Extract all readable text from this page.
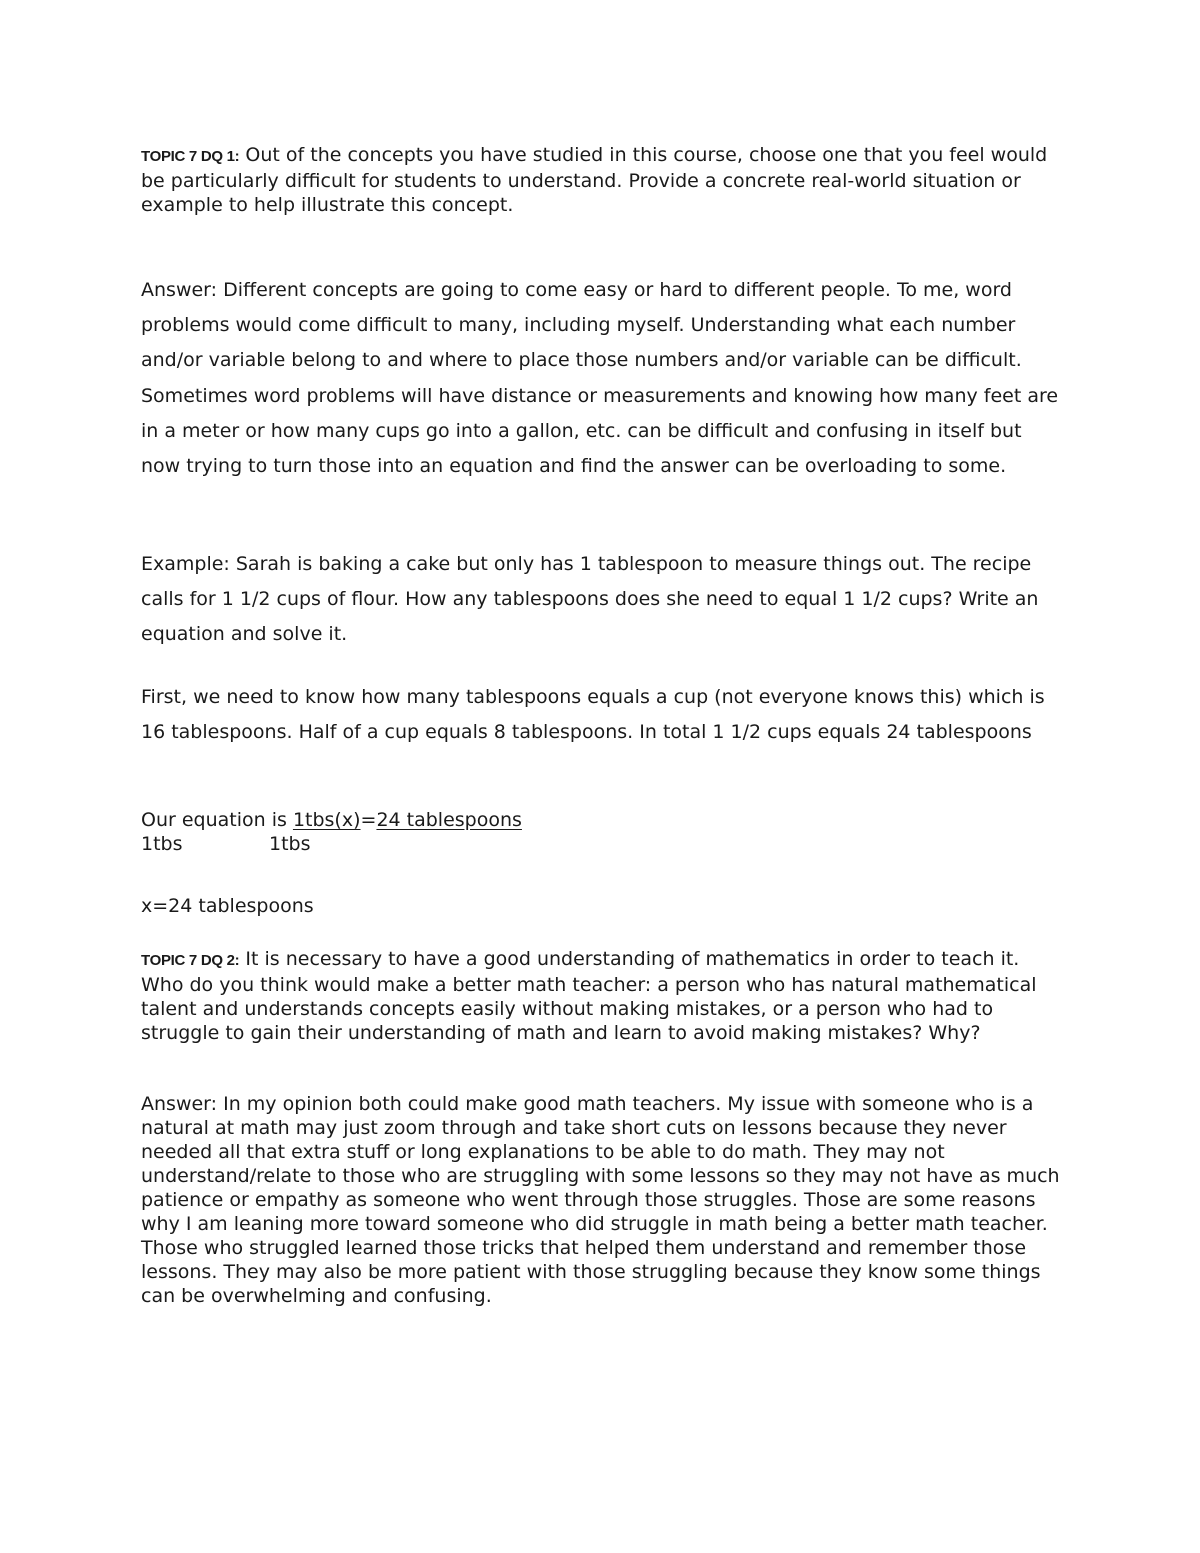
TOPIC 7 DQ 1: Out of the concepts you have studied in this course, choose one that you feel would be particularly difficult for students to understand. Provide a concrete real-world situation or example to help illustrate this concept.

Answer: Different concepts are going to come easy or hard to different people. To me, word problems would come difficult to many, including myself. Understanding what each number and/or variable belong to and where to place those numbers and/or variable can be difficult. Sometimes word problems will have distance or measurements and knowing how many feet are in a meter or how many cups go into a gallon, etc. can be difficult and confusing in itself but now trying to turn those into an equation and find the answer can be overloading to some.

Example: Sarah is baking a cake but only has 1 tablespoon to measure things out. The recipe calls for 1 1/2 cups of flour. How any tablespoons does she need to equal 1 1/2 cups? Write an equation and solve it.

First, we need to know how many tablespoons equals a cup (not everyone knows this) which is 16 tablespoons. Half of a cup equals 8 tablespoons. In total 1 1/2 cups equals 24 tablespoons

Our equation is 1tbs(x)=24 tablespoons
1tbs	1tbs

x=24 tablespoons

TOPIC 7 DQ 2: It is necessary to have a good understanding of mathematics in order to teach it. Who do you think would make a better math teacher: a person who has natural mathematical talent and understands concepts easily without making mistakes, or a person who had to struggle to gain their understanding of math and learn to avoid making mistakes? Why?

Answer: In my opinion both could make good math teachers. My issue with someone who is a natural at math may just zoom through and take short cuts on lessons because they never needed all that extra stuff or long explanations to be able to do math. They may not understand/relate to those who are struggling with some lessons so they may not have as much patience or empathy as someone who went through those struggles. Those are some reasons why I am leaning more toward someone who did struggle in math being a better math teacher. Those who struggled learned those tricks that helped them understand and remember those lessons. They may also be more patient with those struggling because they know some things can be overwhelming and confusing.
